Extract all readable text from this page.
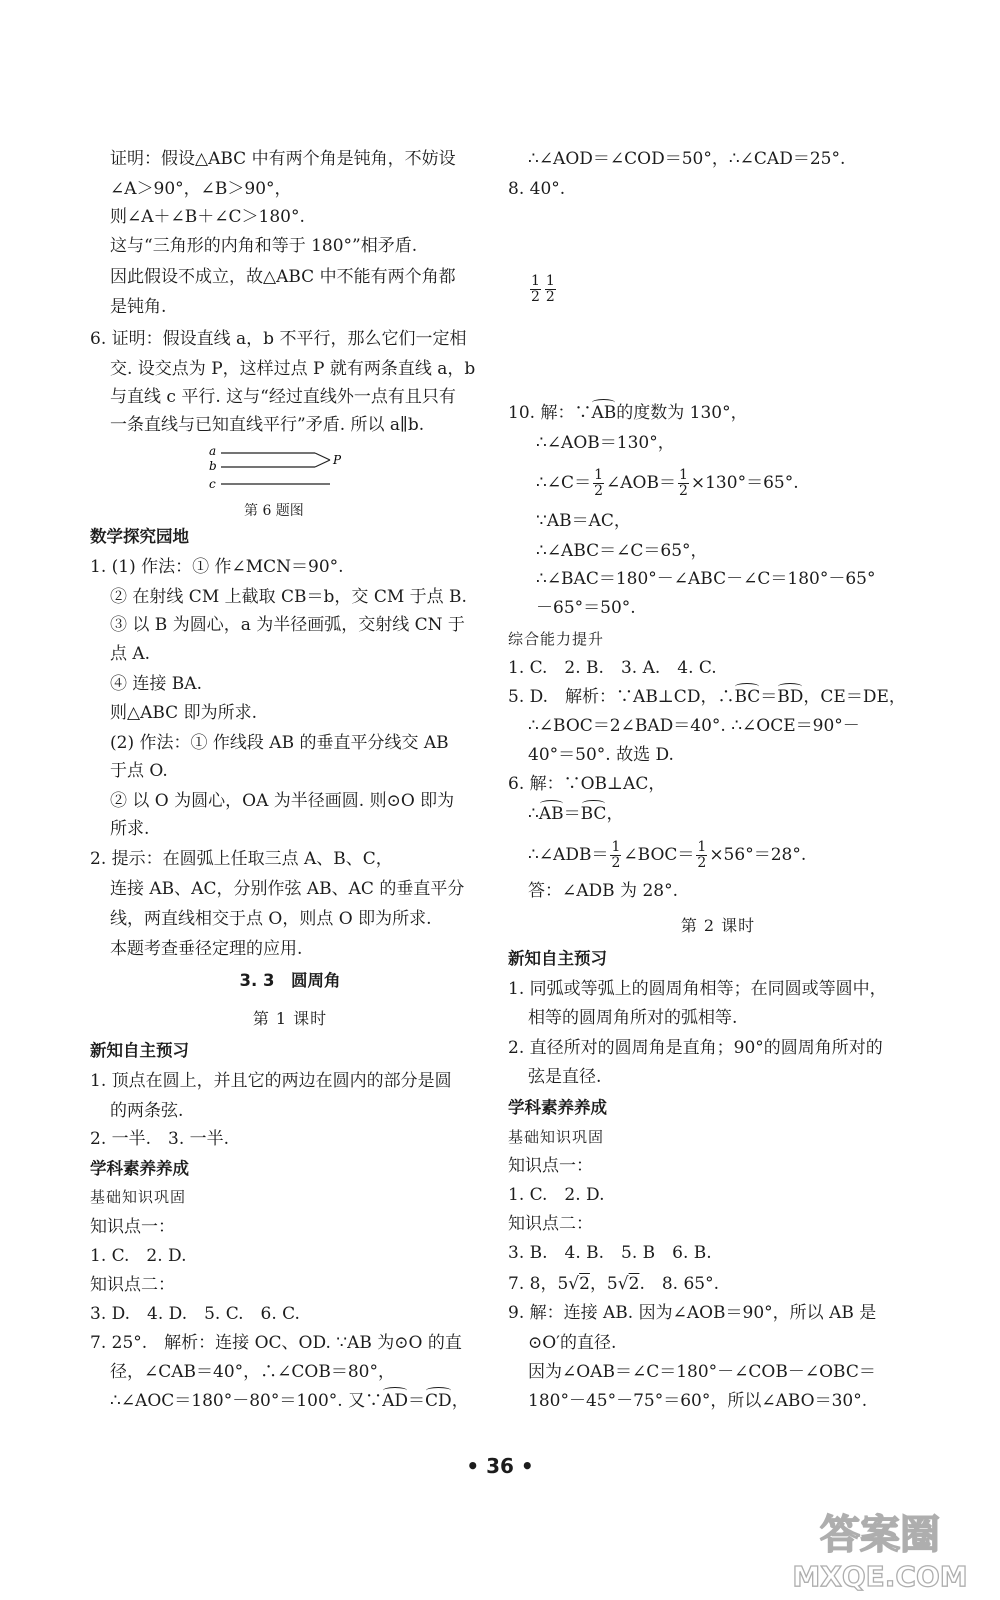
证明：假设△ABC 中有两个角是钝角，不妨设
∠A＞90°，∠B＞90°，
则∠A＋∠B＋∠C＞180°.
这与“三角形的内角和等于 180°”相矛盾.
因此假设不成立，故△ABC 中不能有两个角都
是钝角.
6. 证明：假设直线 a，b 不平行，那么它们一定相
交. 设交点为 P，这样过点 P 就有两条直线 a，b
与直线 c 平行. 这与“经过直线外一点有且只有
一条直线与已知直线平行”矛盾. 所以 a∥b.
a
b
c
P
第 6 题图
数学探究园地
1. (1) 作法：① 作∠MCN＝90°.
② 在射线 CM 上截取 CB＝b，交 CM 于点 B.
③ 以 B 为圆心，a 为半径画弧，交射线 CN 于
点 A.
④ 连接 BA.
则△ABC 即为所求.
(2) 作法：① 作线段 AB 的垂直平分线交 AB
于点 O.
② 以 O 为圆心，OA 为半径画圆. 则⊙O 即为
所求.
2. 提示：在圆弧上任取三点 A、B、C，
连接 AB、AC，分别作弦 AB、AC 的垂直平分
线，两直线相交于点 O，则点 O 即为所求.
本题考查垂径定理的应用.
3. 3　圆周角
第 1 课时
新知自主预习
1. 顶点在圆上，并且它的两边在圆内的部分是圆
的两条弦.
2. 一半.　3. 一半.
学科素养养成
基础知识巩固
知识点一：
1. C.　2. D.
知识点二：
3. D.　4. D.　5. C.　6. C.
7. 25°.　解析：连接 OC、OD. ∵AB 为⊙O 的直
径，∠CAB＝40°，∴∠COB＝80°，
∴∠AOC＝180°－80°＝100°. 又∵AD＝CD，
∴∠AOD＝∠COD＝50°，∴∠CAD＝25°.
8. 40°.
$\frac{1}{2} \frac{1}{2}$
10. 解：∵AB的度数为 130°，
∴∠AOB＝130°，
∴∠C＝ $\frac{1}{2}$ ∠AOB＝ $\frac{1}{2} \times 130^\circ=65^\circ$.
∵AB＝AC，
∴∠ABC＝∠C＝65°，
∴∠BAC＝180°－∠ABC－∠C＝180°－65°
－65°＝50°.
综合能力提升
1. C.　2. B.　3. A.　4. C.
5. D.　解析：∵AB⊥CD，∴BC＝BD，CE＝DE，
∴∠BOC＝2∠BAD＝40°. ∴∠OCE＝90°－
40°＝50°. 故选 D.
6. 解：∵OB⊥AC，
∴AB＝BC，
∴∠ADB＝ $\frac{1}{2}$ ∠BOC＝ $\frac{1}{2} \times 56^\circ=28^\circ$.
答：∠ADB 为 28°.
第 2 课时
新知自主预习
1. 同弧或等弧上的圆周角相等；在同圆或等圆中，
相等的圆周角所对的弧相等.
2. 直径所对的圆周角是直角；90°的圆周角所对的
弦是直径.
学科素养养成
基础知识巩固
知识点一：
1. C.　2. D.
知识点二：
3. B.　4. B.　5. B　6. B.
7. 8，5√2，5√2.　8. 65°.
9. 解：连接 AB. 因为∠AOB＝90°，所以 AB 是
⊙O′的直径.
因为∠OAB＝∠C＝180°－∠COB－∠OBC＝
180°－45°－75°＝60°，所以∠ABO＝30°.
• 36 •
答案圈
MXQE.COM
